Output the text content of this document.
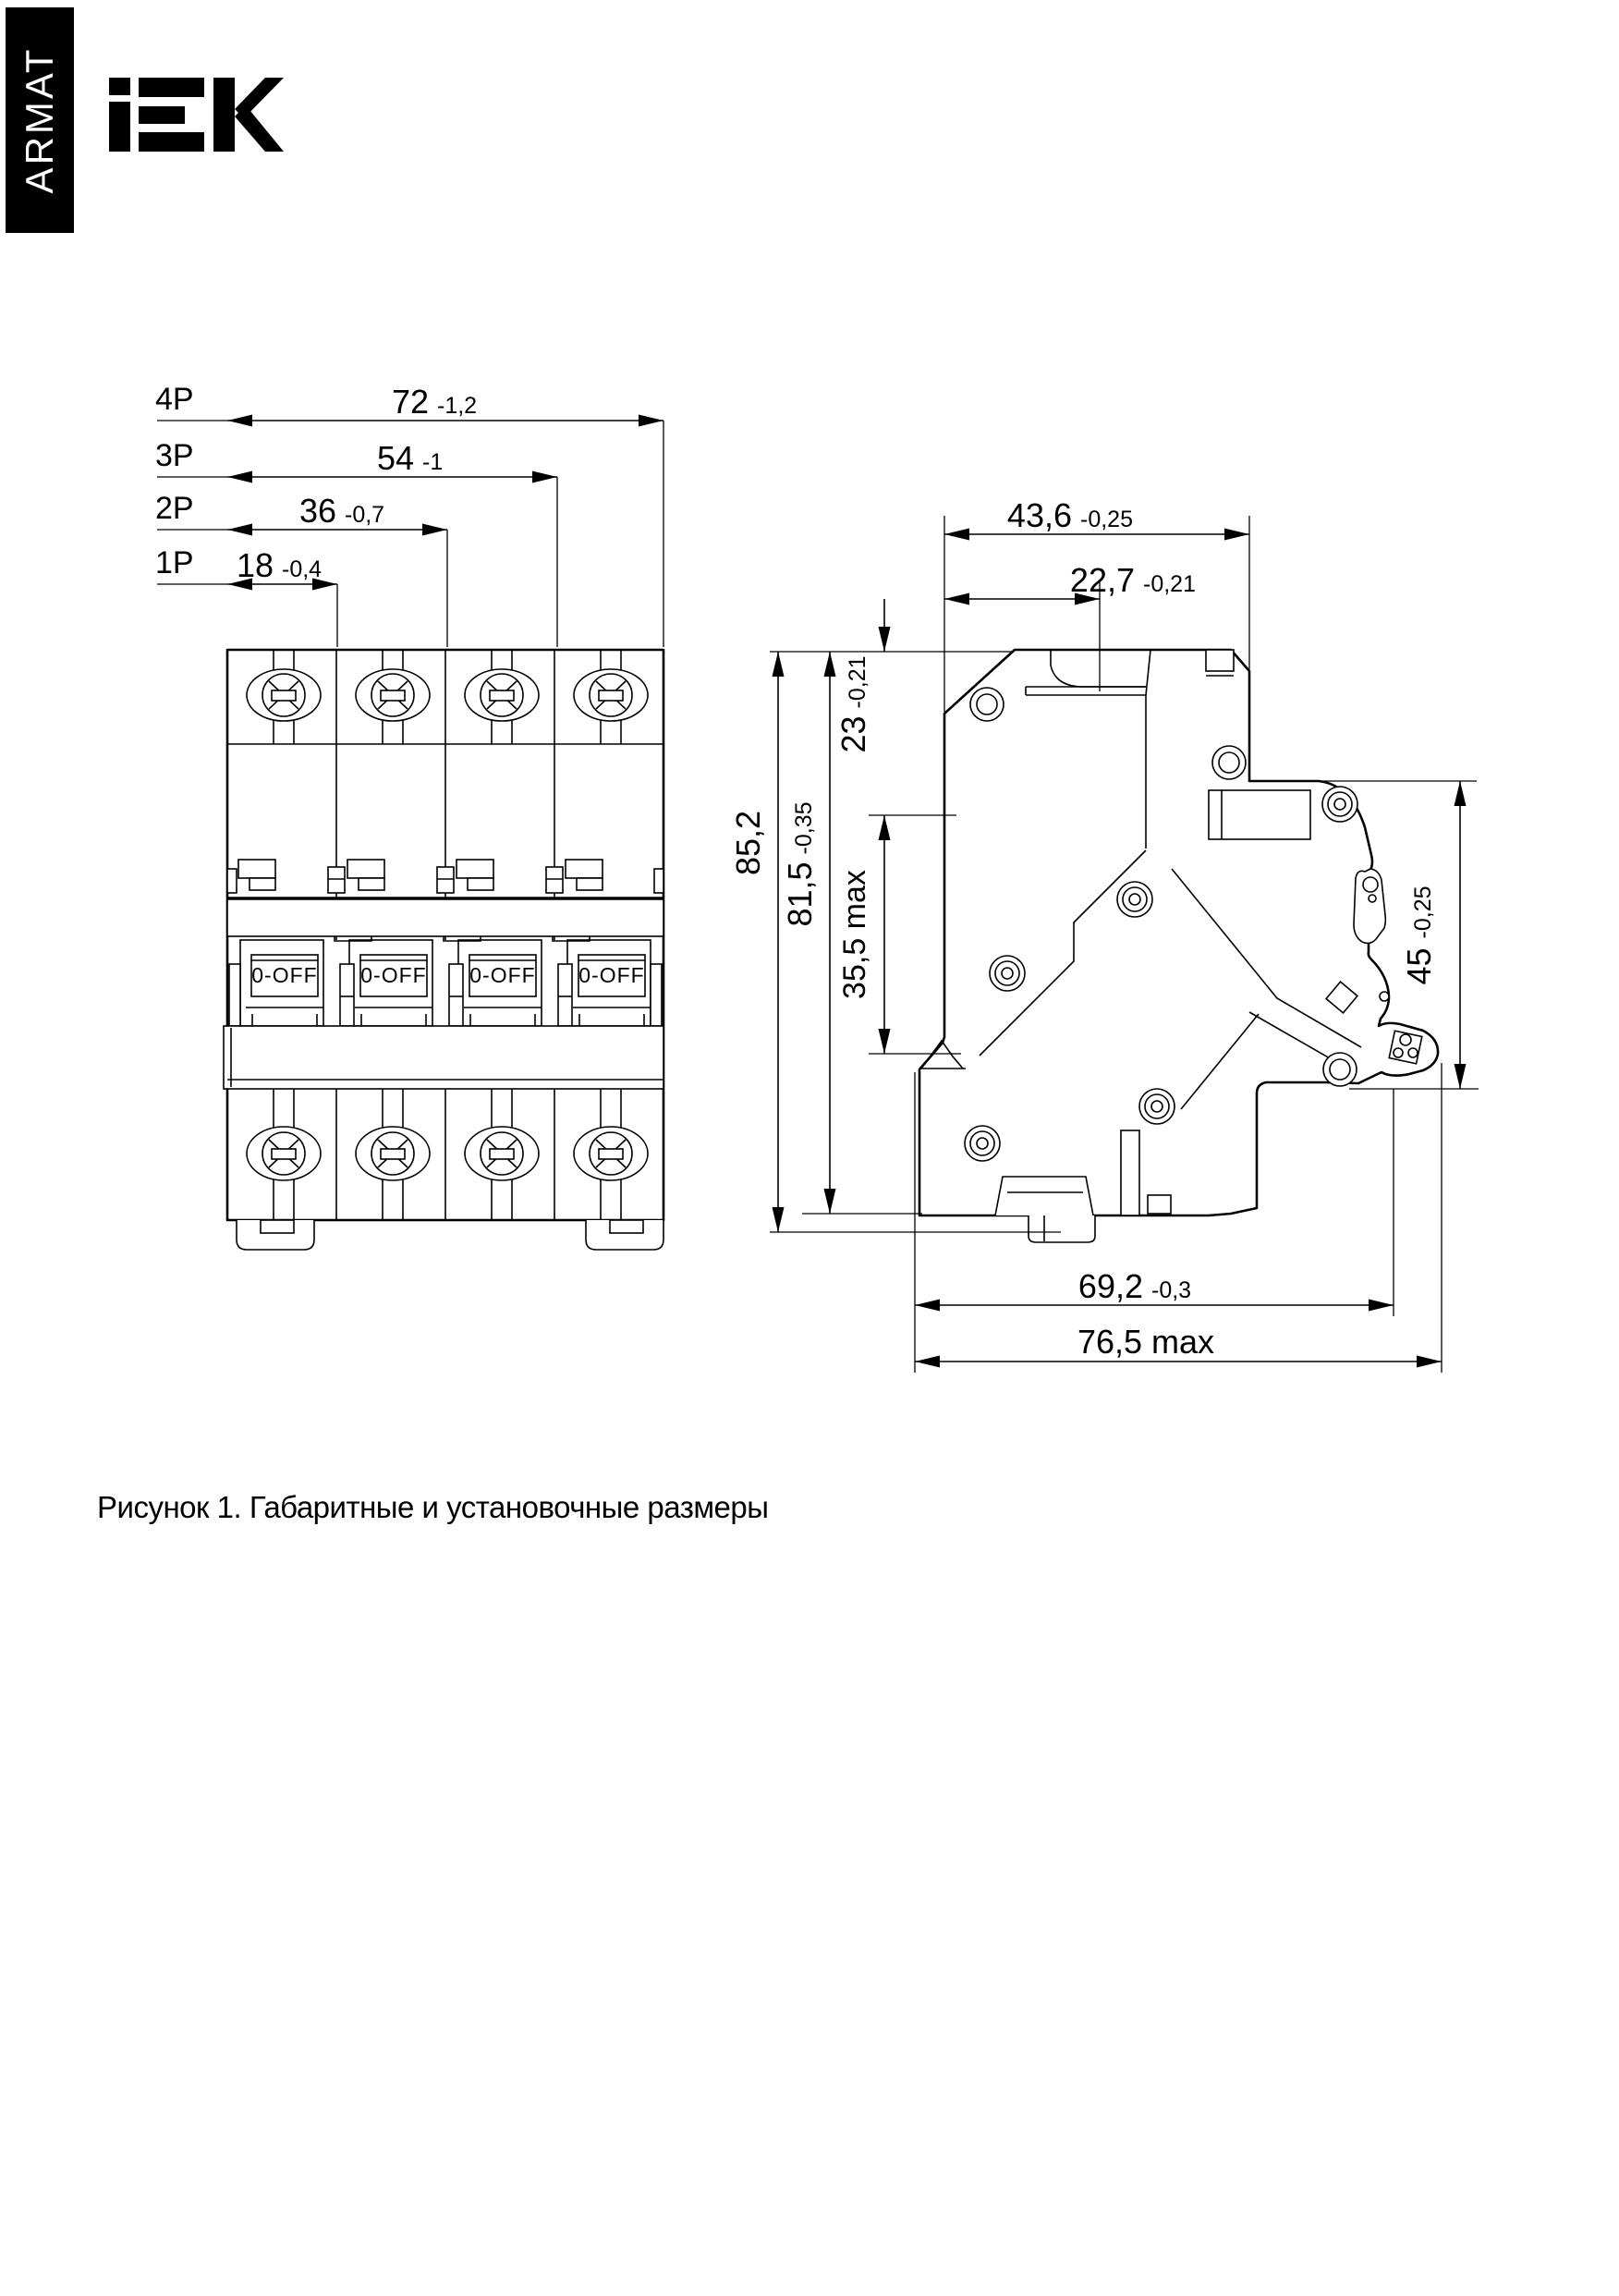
ARMAT
0-OFF 0-OFF 0-OFF 0-OFF
4P
3P
2P
1P
72 -1,2
54 -1
36 -0,7
18 -0,4
43,6 -0,25
22,7 -0,21
85,2
81,5-0,35
23-0,21
35,5 max	45-0,25
69,2 -0,3
76,5 max
Рисунок 1. Габаритные и установочные размеры
